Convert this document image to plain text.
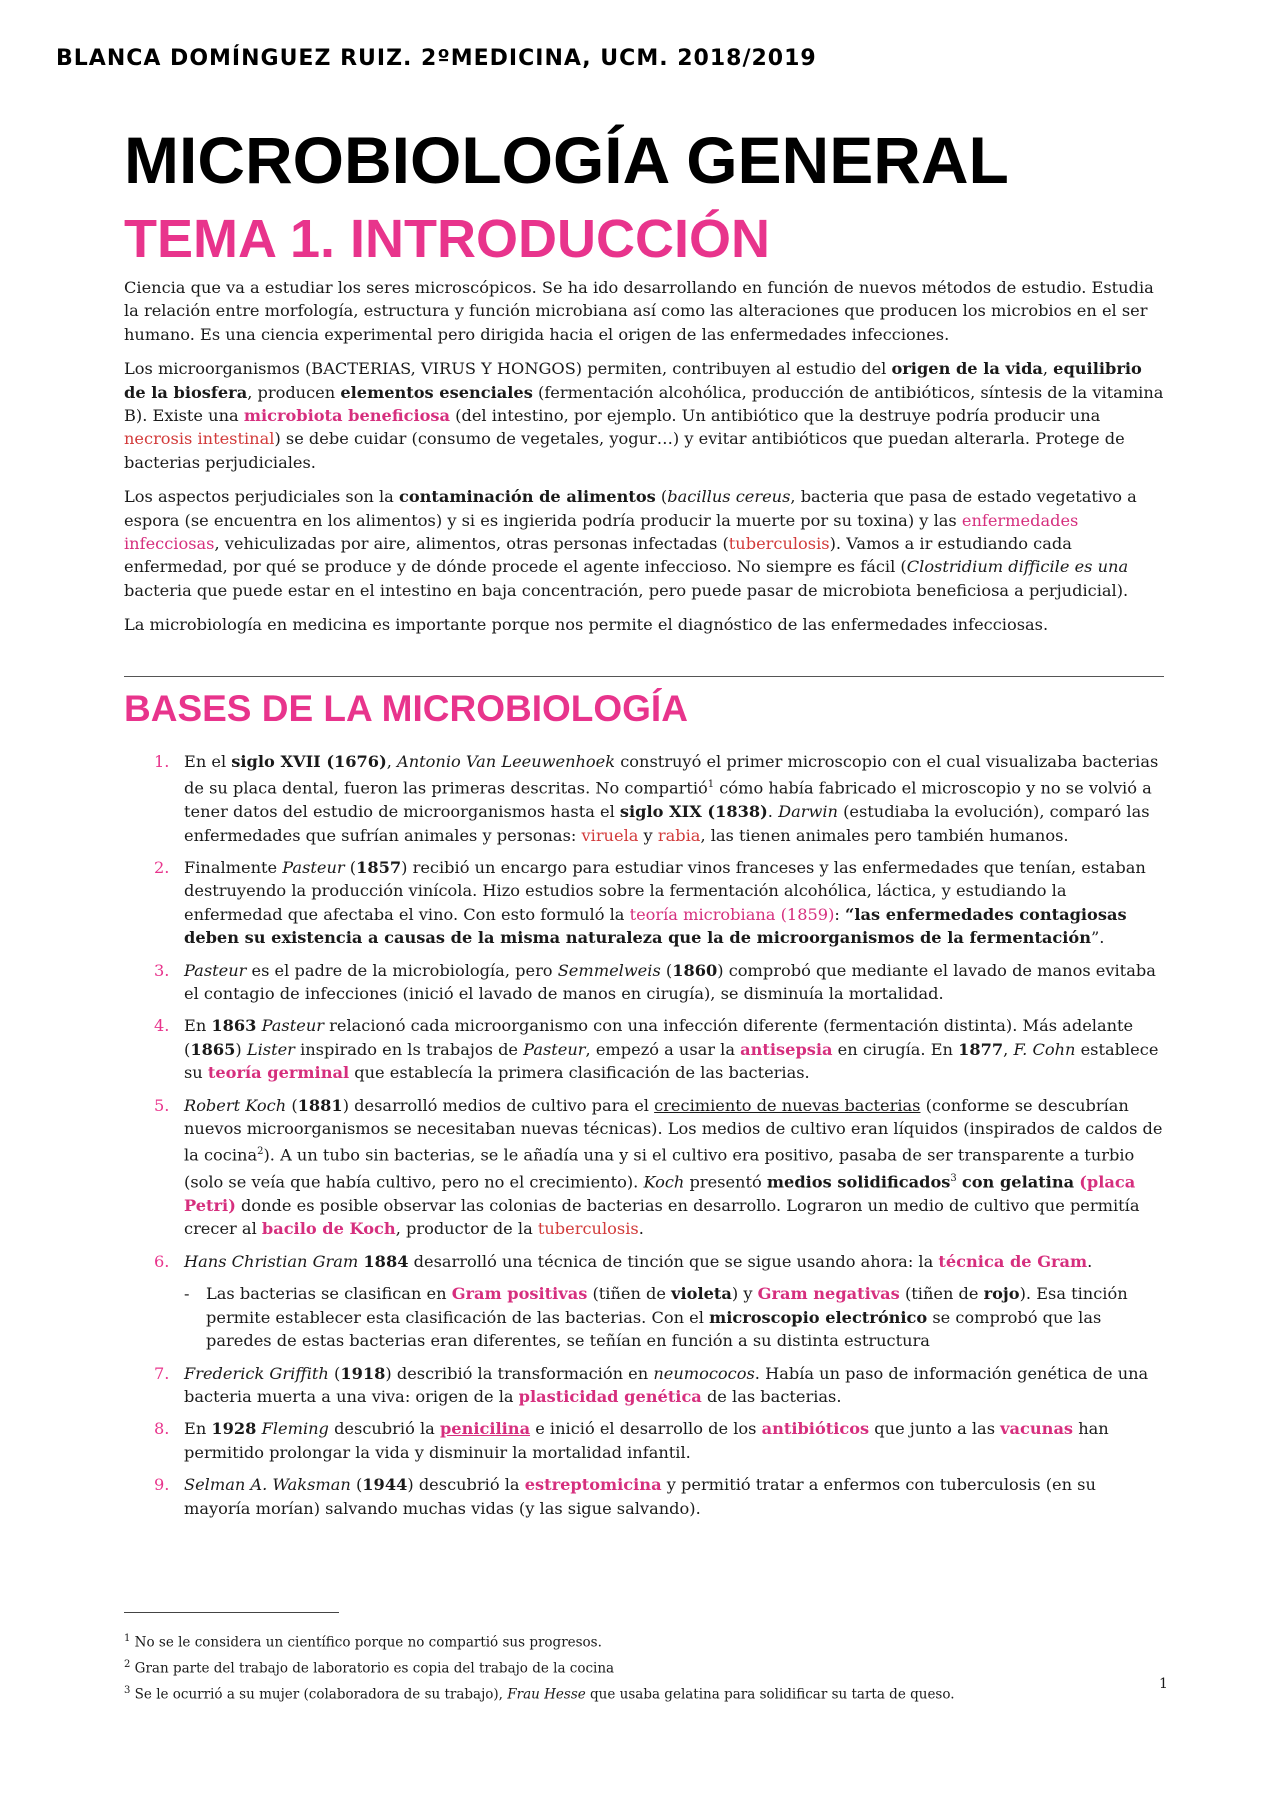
BLANCA DOMÍNGUEZ RUIZ. 2ºMEDICINA, UCM. 2018/2019
MICROBIOLOGÍA GENERAL
TEMA 1. INTRODUCCIÓN

Ciencia que va a estudiar los seres microscópicos. Se ha ido desarrollando en función de nuevos métodos de estudio. Estudia la relación entre morfología, estructura y función microbiana así como las alteraciones que producen los microbios en el ser humano. Es una ciencia experimental pero dirigida hacia el origen de las enfermedades infecciones.

Los microorganismos (BACTERIAS, VIRUS Y HONGOS) permiten, contribuyen al estudio del origen de la vida, equilibrio de la biosfera, producen elementos esenciales (fermentación alcohólica, producción de antibióticos, síntesis de la vitamina B). Existe una microbiota beneficiosa (del intestino, por ejemplo. Un antibiótico que la destruye podría producir una necrosis intestinal) se debe cuidar (consumo de vegetales, yogur…) y evitar antibióticos que puedan alterarla. Protege de bacterias perjudiciales.

Los aspectos perjudiciales son la contaminación de alimentos (bacillus cereus, bacteria que pasa de estado vegetativo a espora (se encuentra en los alimentos) y si es ingierida podría producir la muerte por su toxina) y las enfermedades infecciosas, vehiculizadas por aire, alimentos, otras personas infectadas (tuberculosis). Vamos a ir estudiando cada enfermedad, por qué se produce y de dónde procede el agente infeccioso. No siempre es fácil (Clostridium difficile es una bacteria que puede estar en el intestino en baja concentración, pero puede pasar de microbiota beneficiosa a perjudicial).

La microbiología en medicina es importante porque nos permite el diagnóstico de las enfermedades infecciosas.

BASES DE LA MICROBIOLOGÍA
1. En el siglo XVII (1676), Antonio Van Leeuwenhoek construyó el primer microscopio con el cual visualizaba bacterias de su placa dental, fueron las primeras descritas. No compartió$^1$ cómo había fabricado el microscopio y no se volvió a tener datos del estudio de microorganismos hasta el siglo XIX (1838). Darwin (estudiaba la evolución), comparó las enfermedades que sufrían animales y personas: viruela y rabia, las tienen animales pero también humanos.
2. Finalmente Pasteur (1857) recibió un encargo para estudiar vinos franceses y las enfermedades que tenían, estaban destruyendo la producción vinícola. Hizo estudios sobre la fermentación alcohólica, láctica, y estudiando la enfermedad que afectaba el vino. Con esto formuló la teoría microbiana (1859): “las enfermedades contagiosas deben su existencia a causas de la misma naturaleza que la de microorganismos de la fermentación”.
3. Pasteur es el padre de la microbiología, pero Semmelweis (1860) comprobó que mediante el lavado de manos evitaba el contagio de infecciones (inició el lavado de manos en cirugía), se disminuía la mortalidad.
4. En 1863 Pasteur relacionó cada microorganismo con una infección diferente (fermentación distinta). Más adelante (1865) Lister inspirado en ls trabajos de Pasteur, empezó a usar la antisepsia en cirugía. En 1877, F. Cohn establece su teoría germinal que establecía la primera clasificación de las bacterias.
5. Robert Koch (1881) desarrolló medios de cultivo para el crecimiento de nuevas bacterias (conforme se descubrían nuevos microorganismos se necesitaban nuevas técnicas). Los medios de cultivo eran líquidos (inspirados de caldos de la cocina$^2$). A un tubo sin bacterias, se le añadía una y si el cultivo era positivo, pasaba de ser transparente a turbio (solo se veía que había cultivo, pero no el crecimiento). Koch presentó medios solidificados$^3$ con gelatina (placa Petri) donde es posible observar las colonias de bacterias en desarrollo. Lograron un medio de cultivo que permitía crecer al bacilo de Koch, productor de la tuberculosis.
6. Hans Christian Gram 1884 desarrolló una técnica de tinción que se sigue usando ahora: la técnica de Gram.
-	Las bacterias se clasifican en Gram positivas (tiñen de violeta) y Gram negativas (tiñen de rojo). Esa tinción permite establecer esta clasificación de las bacterias. Con el microscopio electrónico se comprobó que las paredes de estas bacterias eran diferentes, se teñían en función a su distinta estructura
7. Frederick Griffith (1918) describió la transformación en neumococos. Había un paso de información genética de una bacteria muerta a una viva: origen de la plasticidad genética de las bacterias.
8. En 1928 Fleming descubrió la penicilina e inició el desarrollo de los antibióticos que junto a las vacunas han permitido prolongar la vida y disminuir la mortalidad infantil.
9. Selman A. Waksman (1944) descubrió la estreptomicina y permitió tratar a enfermos con tuberculosis (en su mayoría morían) salvando muchas vidas (y las sigue salvando).
$^1$ No se le considera un científico porque no compartió sus progresos.
$^2$ Gran parte del trabajo de laboratorio es copia del trabajo de la cocina
$^3$ Se le ocurrió a su mujer (colaboradora de su trabajo), Frau Hesse que usaba gelatina para solidificar su tarta de queso.
1
